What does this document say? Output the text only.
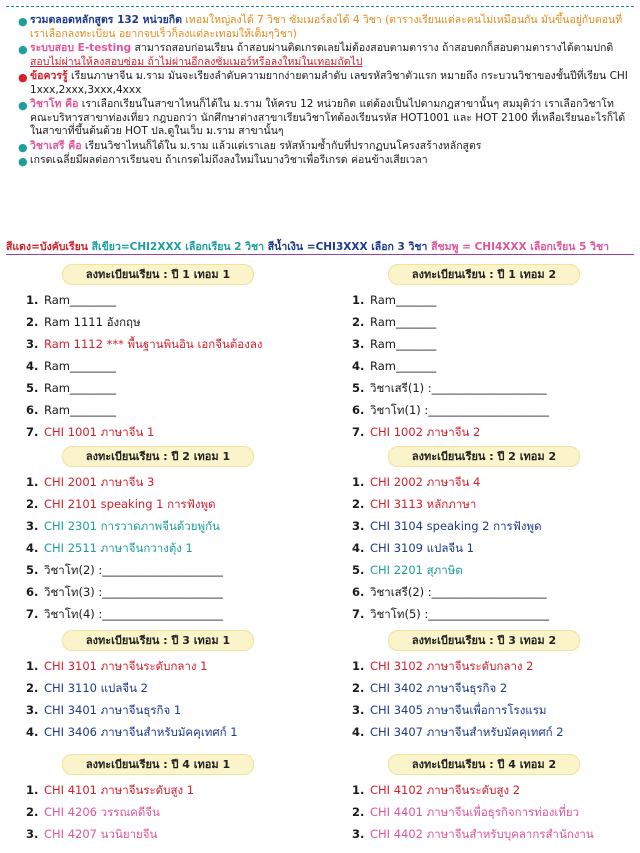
● รวมตลอดหลักสูตร 132 หน่วยกิต เทอมใหญ่ลงได้ 7 วิชา ซัมเมอร์ลงได้ 4 วิชา (ตารางเรียนแต่ละคนไม่เหมือนกัน มันขึ้นอยู่กับตอนที่เราเลือกลงทะเบียน อยากจบเร็วก็ลงแต่ละเทอมให้เต็มๆวิชา)
● ระบบสอบ E-testing สามารถสอบก่อนเรียน ถ้าสอบผ่านติดเกรดเลยไม่ต้องสอบตามตาราง ถ้าสอบตกก็สอบตามตารางได้ตามปกติ สอบไม่ผ่านให้ลงสอบซ่อม ถ้าไม่ผ่านอีกลงซัมเมอร์หรือลงใหม่ในเทอมถัดไป
● ข้อควรรู้ เรียนภาษาจีน ม.ราม มันจะเรียงลำดับความยากง่ายตามลำดับ เลขรหัสวิชาตัวแรก หมายถึง กระบวนวิชาของชั้นปีที่เรียน CHI 1xxx,2xxx,3xxx,4xxx
● วิชาโท คือ เราเลือกเรียนในสาขาไหนก็ได้ใน ม.ราม ให้ครบ 12 หน่วยกิต แต่ต้องเป็นไปตามกฎสาขานั้นๆ สมมุติว่า เราเลือกวิชาโท คณะบริหารสาขาท่องเที่ยว กฎบอกว่า นักศึกษาต่างสาขาเรียนวิชาโทต้องเรียนรหัส HOT1001 และ HOT 2100 ที่เหลือเรียนอะไรก็ได้ในสาขาที่ขึ้นต้นด้วย HOT ปล.ดูในเว็บ ม.ราม สาขานั้นๆ
● วิชาเสรี คือ เรียนวิชาไหนก็ได้ใน ม.ราม แล้วแต่เราเลย รหัสห้ามซ้ำกับที่ปรากฏบนโครงสร้างหลักสูตร
● เกรดเฉลี่ยมีผลต่อการเรียนจบ ถ้าเกรดไม่ถึงลงใหม่ในบางวิชาเพื่อรีเกรด ค่อนข้างเสียเวลา
สีแดง=บังคับเรียน สีเขียว=CHI2XXX เลือกเรียน 2 วิชา สีน้ำเงิน =CHI3XXX เลือก 3 วิชา สีชมพู = CHI4XXX เลือกเรียน 5 วิชา
ลงทะเบียนเรียน : ปี 1 เทอม 1
1. Ram________
2. Ram 1111 อังกฤษ
3. Ram 1112 *** พื้นฐานพินอิน เอกจีนต้องลง
4. Ram________
5. Ram________
6. Ram________
7. CHI 1001 ภาษาจีน 1
ลงทะเบียนเรียน : ปี 1 เทอม 2
1. Ram_______
2. Ram_______
3. Ram_______
4. Ram_______
5. วิชาเสรี(1) :____________________
6. วิชาโท(1) :_____________________
7. CHI 1002 ภาษาจีน 2
ลงทะเบียนเรียน : ปี 2 เทอม 1
1. CHI 2001 ภาษาจีน 3
2. CHI 2101 speaking 1 การฟังพูด
3. CHI 2301 การวาดภาพจีนด้วยพู่กัน
4. CHI 2511 ภาษาจีนกวางตุ้ง 1
5. วิชาโท(2) :_____________________
6. วิชาโท(3) :_____________________
7. วิชาโท(4) :_____________________
ลงทะเบียนเรียน : ปี 2 เทอม 2
1. CHI 2002 ภาษาจีน 4
2. CHI 3113 หลักภาษา
3. CHI 3104 speaking 2 การฟังพูด
4. CHI 3109 แปลจีน 1
5. CHI 2201 สุภาษิต
6. วิชาเสรี(2) :____________________
7. วิชาโท(5) :_____________________
ลงทะเบียนเรียน : ปี 3 เทอม 1
1. CHI 3101 ภาษาจีนระดับกลาง 1
2. CHI 3110 แปลจีน 2
3. CHI 3401 ภาษาจีนธุรกิจ 1
4. CHI 3406 ภาษาจีนสำหรับมัคคุเทศก์ 1
ลงทะเบียนเรียน : ปี 3 เทอม 2
1. CHI 3102 ภาษาจีนระดับกลาง 2
2. CHI 3402 ภาษาจีนธุรกิจ 2
3. CHI 3405 ภาษาจีนเพื่อการโรงแรม
4. CHI 3407 ภาษาจีนสำหรับมัคคุเทศก์ 2
ลงทะเบียนเรียน : ปี 4 เทอม 1
1. CHI 4101 ภาษาจีนระดับสูง 1
2. CHI 4206 วรรณคดีจีน
3. CHI 4207 นวนิยายจีน
ลงทะเบียนเรียน : ปี 4 เทอม 2
1. CHI 4102 ภาษาจีนระดับสูง 2
2. CHI 4401 ภาษาจีนเพื่อธุรกิจการท่องเที่ยว
3. CHI 4402 ภาษาจีนสำหรับบุคลากรสำนักงาน
